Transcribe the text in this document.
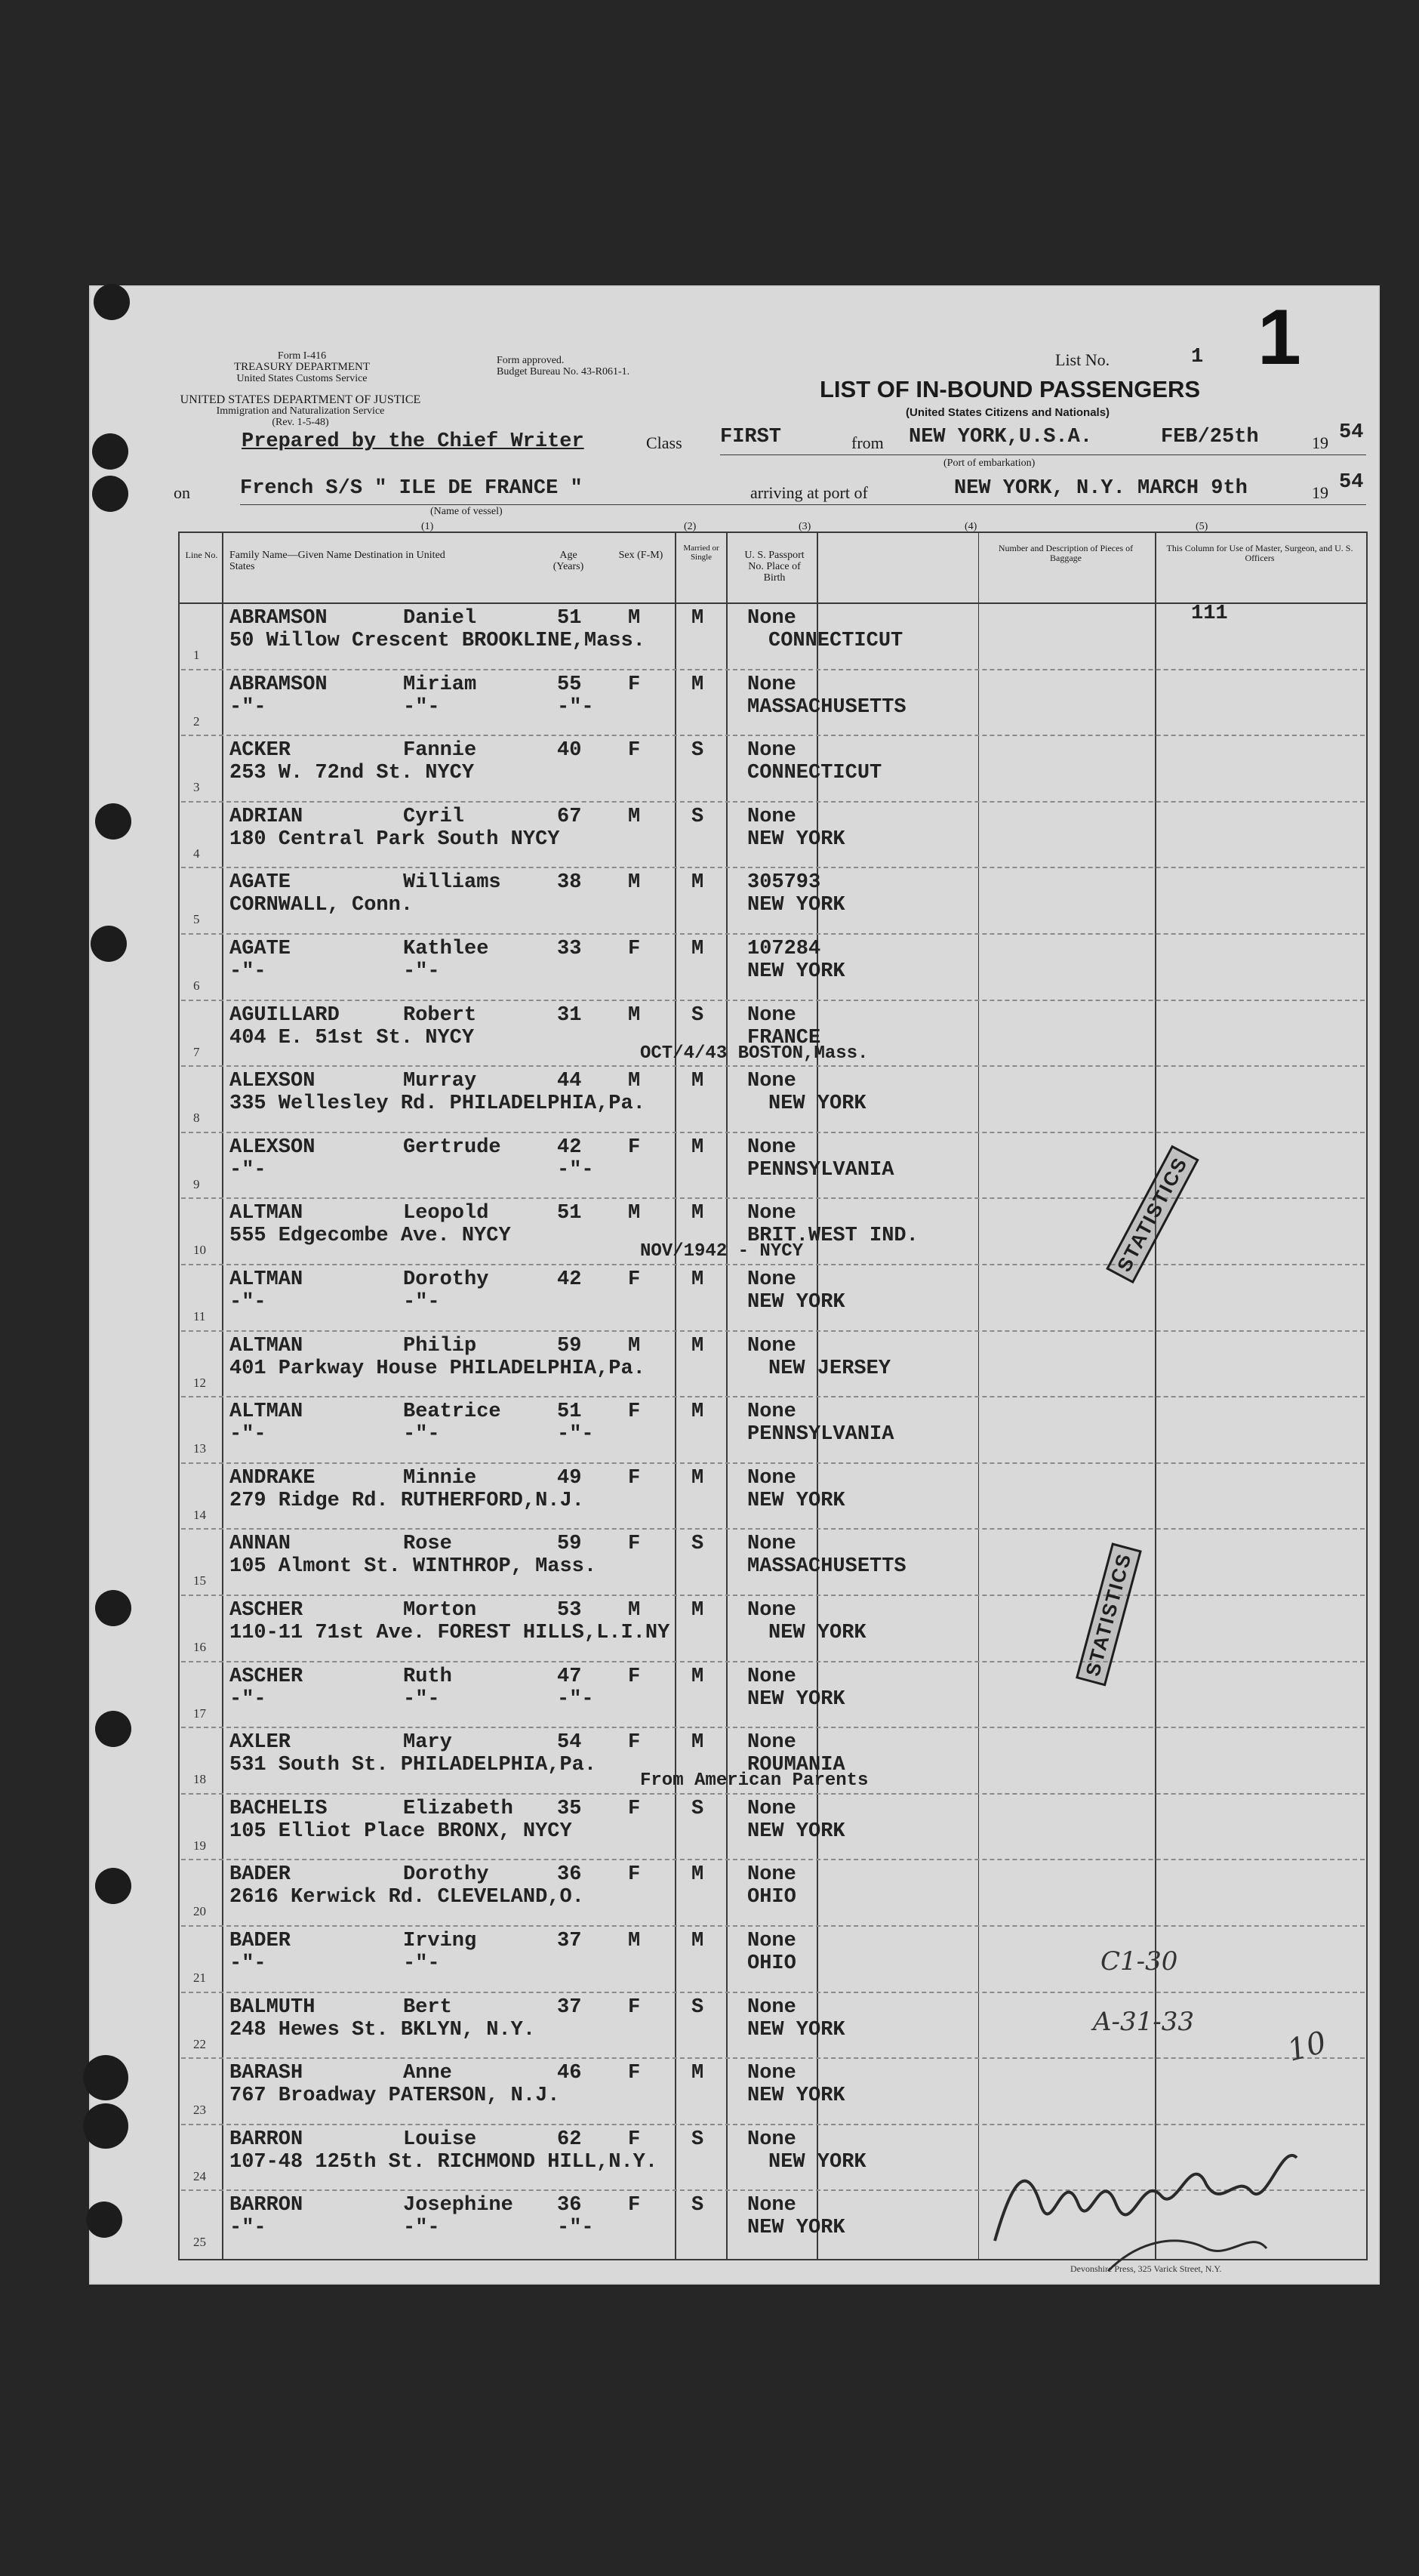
Form I-416
TREASURY DEPARTMENT
United States Customs Service
UNITED STATES DEPARTMENT OF JUSTICE
Immigration and Naturalization Service
(Rev. 1-5-48)
Form approved.
Budget Bureau No. 43-R061-1.
List No.	1 1
LIST OF IN-BOUND PASSENGERS
(United States Citizens and Nationals)
Prepared by the Chief Writer	Class FIRST	from NEW YORK,U.S.A.	FEB/25th	19 54
(Port of embarkation)
on French S/S " ILE DE FRANCE "
(Name of vessel)
arriving at port of	NEW YORK, N.Y. MARCH 9th	19 54
(1)	(2)	(3)	(4)	(5)
Line No. Family Name—Given Name Destination in United States
Age (Years)
Sex (F-M)
Married or Single	U. S. Passport No. Place of Birth
Number and Description of Pieces of Baggage
This Column for Use of Master, Surgeon, and U. S. Officers
111
1
ABRAMSON	Daniel	51 M	M None
50 Willow Crescent BROOKLINE,Mass.	CONNECTICUT
2
ABRAMSON	Miriam	55 F	M None
-"-	-"-	-"-	MASSACHUSETTS
3
ACKER	Fannie	40 F	S None
253 W. 72nd St. NYCY	CONNECTICUT
4
ADRIAN	Cyril	67 M	S None
180 Central Park South NYCY	NEW YORK
5
AGATE	Williams	38 M	M 305793
CORNWALL, Conn.	NEW YORK
6
AGATE	Kathlee	33 F	M 107284
-"-	-"-	NEW YORK
7
AGUILLARD	Robert	31 M	S None
404 E. 51st St. NYCY	FRANCE
OCT/4/43 BOSTON,Mass.
8
ALEXSON	Murray	44 M	M None
335 Wellesley Rd. PHILADELPHIA,Pa.	NEW YORK
9
ALEXSON	Gertrude	42 F	M None
-"-	-"-	PENNSYLVANIA
10
ALTMAN	Leopold	51 M	M None
555 Edgecombe Ave. NYCY	BRIT.WEST IND.
NOV/1942 - NYCY
11
ALTMAN	Dorothy	42 F	M None
-"-	-"-	NEW YORK
12
ALTMAN	Philip	59 M	M None
401 Parkway House PHILADELPHIA,Pa.	NEW JERSEY
13
ALTMAN	Beatrice	51 F	M None
-"-	-"-	-"-	PENNSYLVANIA
14
ANDRAKE	Minnie	49 F	M None
279 Ridge Rd. RUTHERFORD,N.J.	NEW YORK
15
ANNAN	Rose	59 F	S None
105 Almont St. WINTHROP, Mass.	MASSACHUSETTS
16
ASCHER	Morton	53 M	M None
110-11 71st Ave. FOREST HILLS,L.I.NY	NEW YORK
17
ASCHER	Ruth	47 F	M None
-"-	-"-	-"-	NEW YORK
18
AXLER	Mary	54 F	M None
531 South St. PHILADELPHIA,Pa.	ROUMANIA
From American Parents
19
BACHELIS	Elizabeth 35 F	S None
105 Elliot Place BRONX, NYCY	NEW YORK
20
BADER	Dorothy	36 F	M None
2616 Kerwick Rd. CLEVELAND,O.	OHIO
21
BADER	Irving	37 M	M None
-"-	-"-	OHIO
22
BALMUTH	Bert	37 F	S None
248 Hewes St. BKLYN, N.Y.	NEW YORK
23
BARASH	Anne	46 F	M None
767 Broadway PATERSON, N.J.	NEW YORK
24
BARRON	Louise	62 F	S None
107-48 125th St. RICHMOND HILL,N.Y.	NEW YORK
25
BARRON	Josephine 36 F	S None
-"-	-"-	-"-	NEW YORK
STATISTICS
STATISTICS
C1-30
A-31-33
10
Devonshire Press, 325 Varick Street, N.Y.
